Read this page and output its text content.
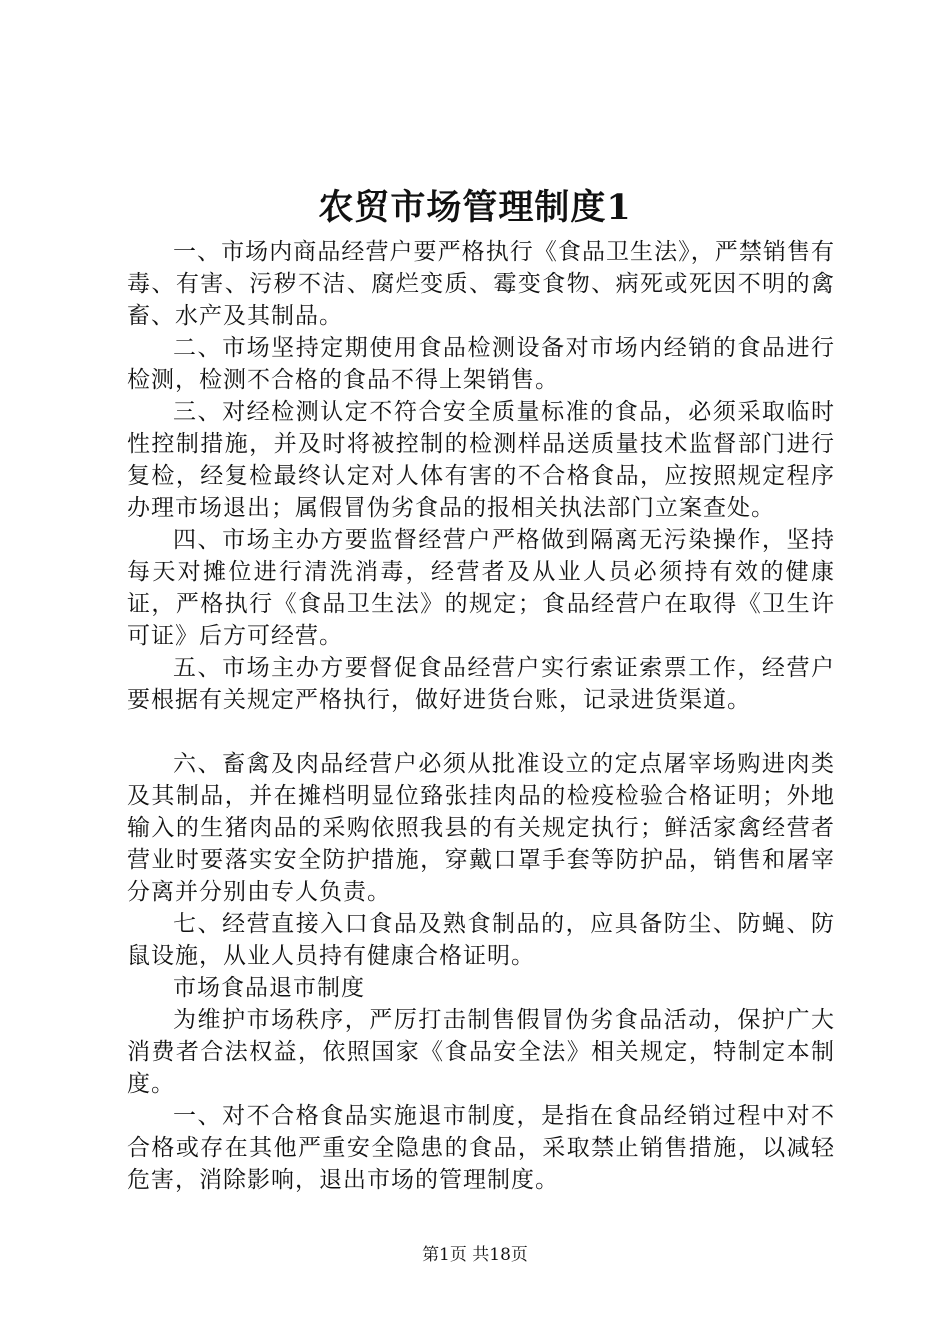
农贸市场管理制度1

一、市场内商品经营户要严格执行《食品卫生法》，严禁销售有毒、有害、污秽不洁、腐烂变质、霉变食物、病死或死因不明的禽畜、水产及其制品。

二、市场坚持定期使用食品检测设备对市场内经销的食品进行检测，检测不合格的食品不得上架销售。

三、对经检测认定不符合安全质量标准的食品，必须采取临时性控制措施，并及时将被控制的检测样品送质量技术监督部门进行复检，经复检最终认定对人体有害的不合格食品，应按照规定程序办理市场退出；属假冒伪劣食品的报相关执法部门立案查处。

四、市场主办方要监督经营户严格做到隔离无污染操作，坚持每天对摊位进行清洗消毒，经营者及从业人员必须持有效的健康证，严格执行《食品卫生法》的规定；食品经营户在取得《卫生许可证》后方可经营。

五、市场主办方要督促食品经营户实行索证索票工作，经营户要根据有关规定严格执行，做好进货台账，记录进货渠道。

六、畜禽及肉品经营户必须从批准设立的定点屠宰场购进肉类及其制品，并在摊档明显位臵张挂肉品的检疫检验合格证明；外地输入的生猪肉品的采购依照我县的有关规定执行；鲜活家禽经营者营业时要落实安全防护措施，穿戴口罩手套等防护品，销售和屠宰分离并分别由专人负责。

七、经营直接入口食品及熟食制品的，应具备防尘、防蝇、防鼠设施，从业人员持有健康合格证明。

市场食品退市制度

为维护市场秩序，严厉打击制售假冒伪劣食品活动，保护广大消费者合法权益，依照国家《食品安全法》相关规定，特制定本制度。

一、对不合格食品实施退市制度，是指在食品经销过程中对不合格或存在其他严重安全隐患的食品，采取禁止销售措施，以减轻危害，消除影响，退出市场的管理制度。

第1页 共18页
